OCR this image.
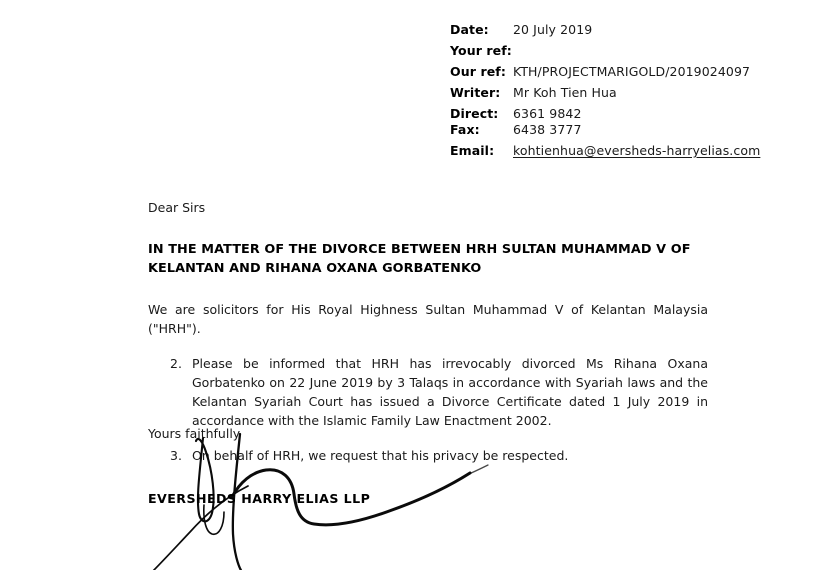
Date:	20 July 2019
Your ref:
Our ref: KTH/PROJECTMARIGOLD/2019024097
Writer:	Mr Koh Tien Hua
Direct:	6361 9842
Fax:	6438 3777
Email:	kohtienhua@eversheds-harryelias.com

Dear Sirs

IN THE MATTER OF THE DIVORCE BETWEEN HRH SULTAN MUHAMMAD V OF
KELANTAN AND RIHANA OXANA GORBATENKO

We are solicitors for His Royal Highness Sultan Muhammad V of Kelantan Malaysia ("HRH").

2. Please be informed that HRH has irrevocably divorced Ms Rihana Oxana Gorbatenko on 22 June 2019 by 3 Talaqs in accordance with Syariah laws and the Kelantan Syariah Court has issued a Divorce Certificate dated 1 July 2019 in accordance with the Islamic Family Law Enactment 2002.
3. On behalf of HRH, we request that his privacy be respected.
Yours faithfully
EVERSHEDS HARRY ELIAS LLP
